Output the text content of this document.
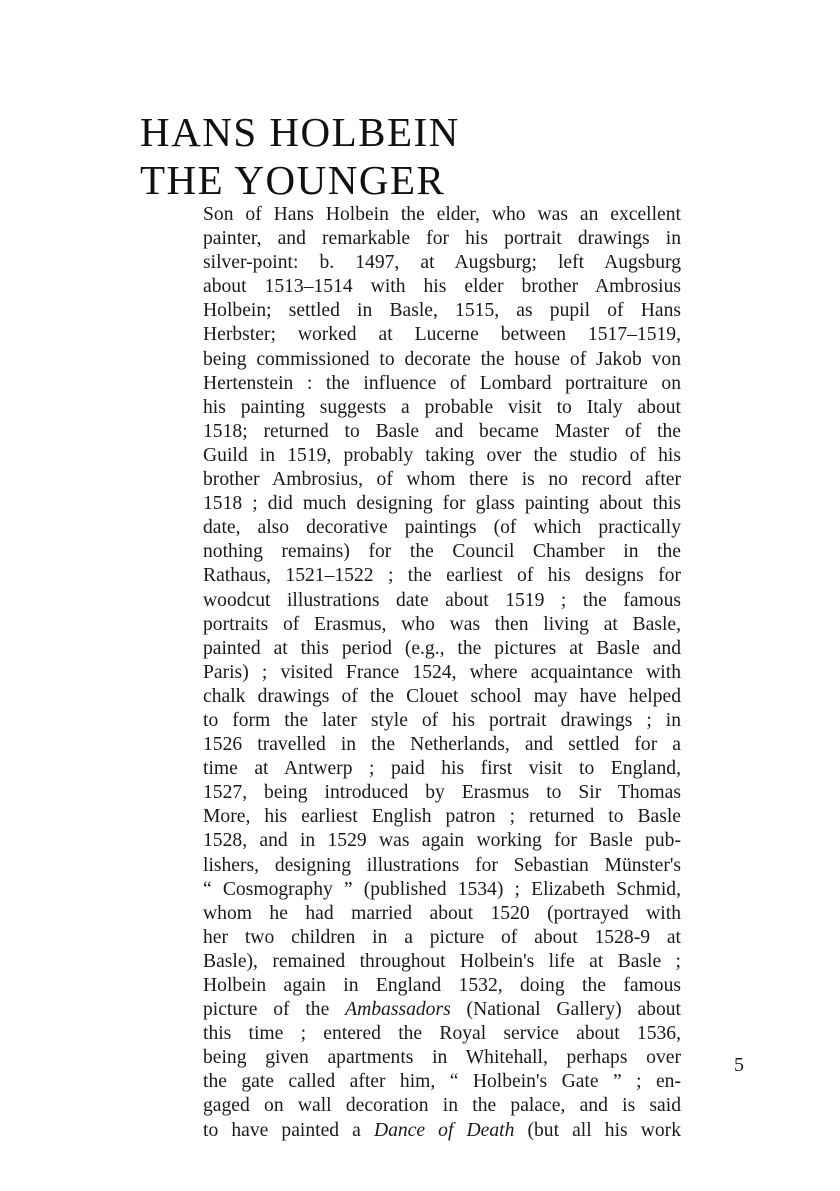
HANS HOLBEIN
THE YOUNGER
Son of Hans Holbein the elder, who was an excellent
painter, and remarkable for his portrait drawings in
silver-point: b. 1497, at Augsburg; left Augsburg
about 1513–1514 with his elder brother Ambrosius
Holbein; settled in Basle, 1515, as pupil of Hans
Herbster; worked at Lucerne between 1517–1519,
being commissioned to decorate the house of Jakob von
Hertenstein : the influence of Lombard portraiture on
his painting suggests a probable visit to Italy about
1518; returned to Basle and became Master of the
Guild in 1519, probably taking over the studio of his
brother Ambrosius, of whom there is no record after
1518 ; did much designing for glass painting about this
date, also decorative paintings (of which practically
nothing remains) for the Council Chamber in the
Rathaus, 1521–1522 ; the earliest of his designs for
woodcut illustrations date about 1519 ; the famous
portraits of Erasmus, who was then living at Basle,
painted at this period (e.g., the pictures at Basle and
Paris) ; visited France 1524, where acquaintance with
chalk drawings of the Clouet school may have helped
to form the later style of his portrait drawings ; in
1526 travelled in the Netherlands, and settled for a
time at Antwerp ; paid his first visit to England,
1527, being introduced by Erasmus to Sir Thomas
More, his earliest English patron ; returned to Basle
1528, and in 1529 was again working for Basle pub-
lishers, designing illustrations for Sebastian Münster's
“ Cosmography ” (published 1534) ; Elizabeth Schmid,
whom he had married about 1520 (portrayed with
her two children in a picture of about 1528-9 at
Basle), remained throughout Holbein's life at Basle ;
Holbein again in England 1532, doing the famous
picture of the Ambassadors (National Gallery) about
this time ; entered the Royal service about 1536,
being given apartments in Whitehall, perhaps over
the gate called after him, “ Holbein's Gate ” ; en-
gaged on wall decoration in the palace, and is said
to have painted a Dance of Death (but all his work
5
